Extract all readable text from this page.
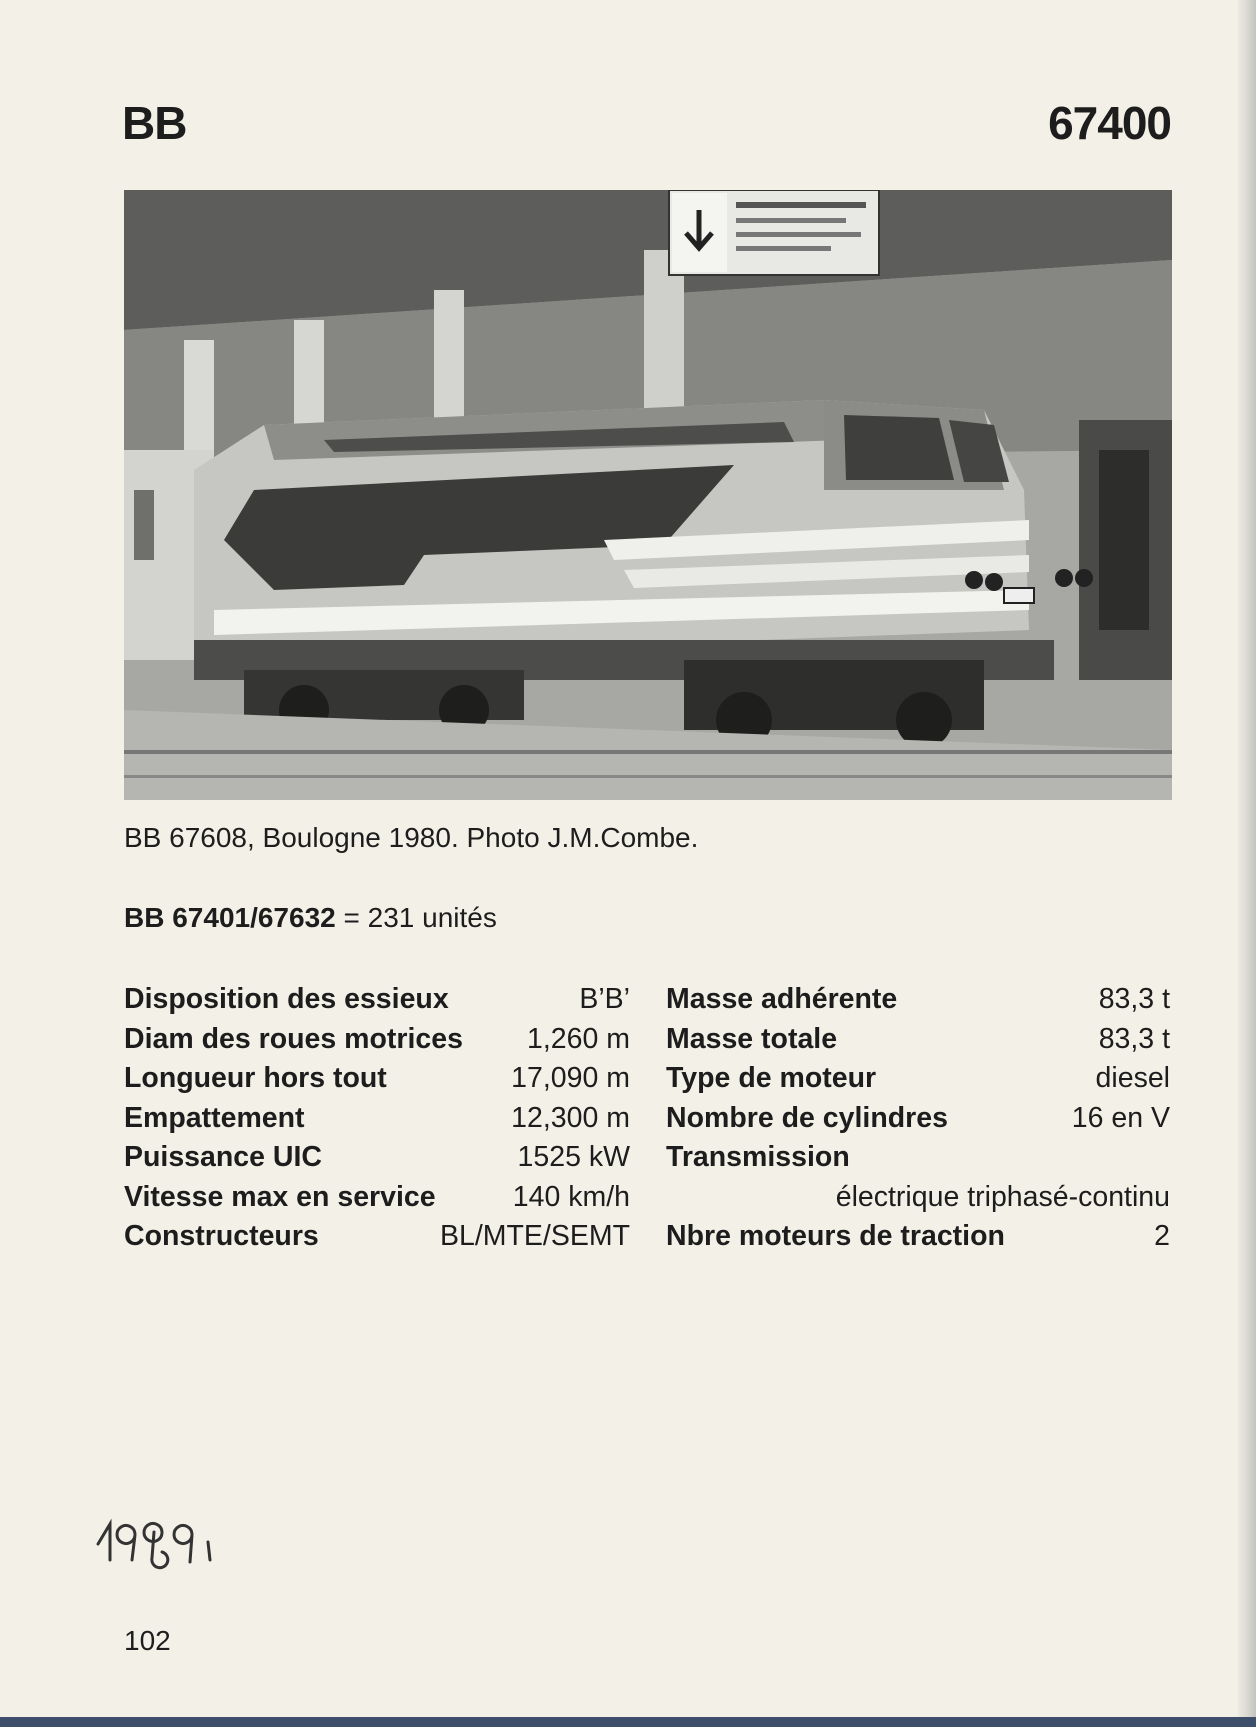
BB	67400
BB 67608, Boulogne 1980. Photo J.M.Combe.
BB 67401/67632 = 231 unités
Disposition des essieux	B’B’
Diam des roues motrices 1,260 m
Longueur hors tout	17,090 m
Empattement	12,300 m
Puissance UIC	1525 kW
Vitesse max en service	140 km/h
Constructeurs	BL/MTE/SEMT
Masse adhérente	83,3 t
Masse totale	83,3 t
Type de moteur	diesel
Nombre de cylindres	16 en V
Transmission
électrique triphasé-continu
Nbre moteurs de traction	2
102
